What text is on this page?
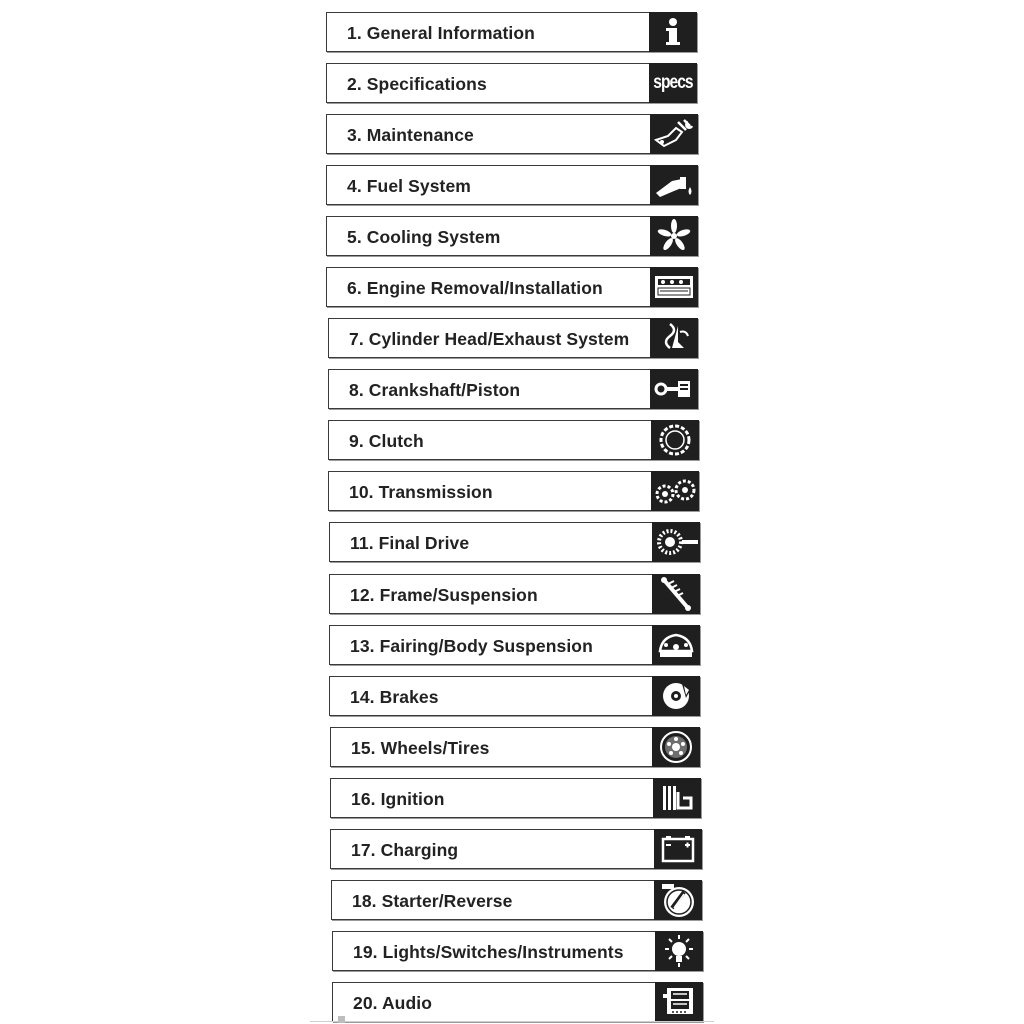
1. General Information
2. Specifications	specs
3. Maintenance
4. Fuel System
5. Cooling System
6. Engine Removal/Installation
7. Cylinder Head/Exhaust System
8. Crankshaft/Piston
9. Clutch
10. Transmission
11. Final Drive
12. Frame/Suspension
13. Fairing/Body Suspension
14. Brakes
15. Wheels/Tires
16. Ignition
17. Charging
18. Starter/Reverse
19. Lights/Switches/Instruments
20. Audio
